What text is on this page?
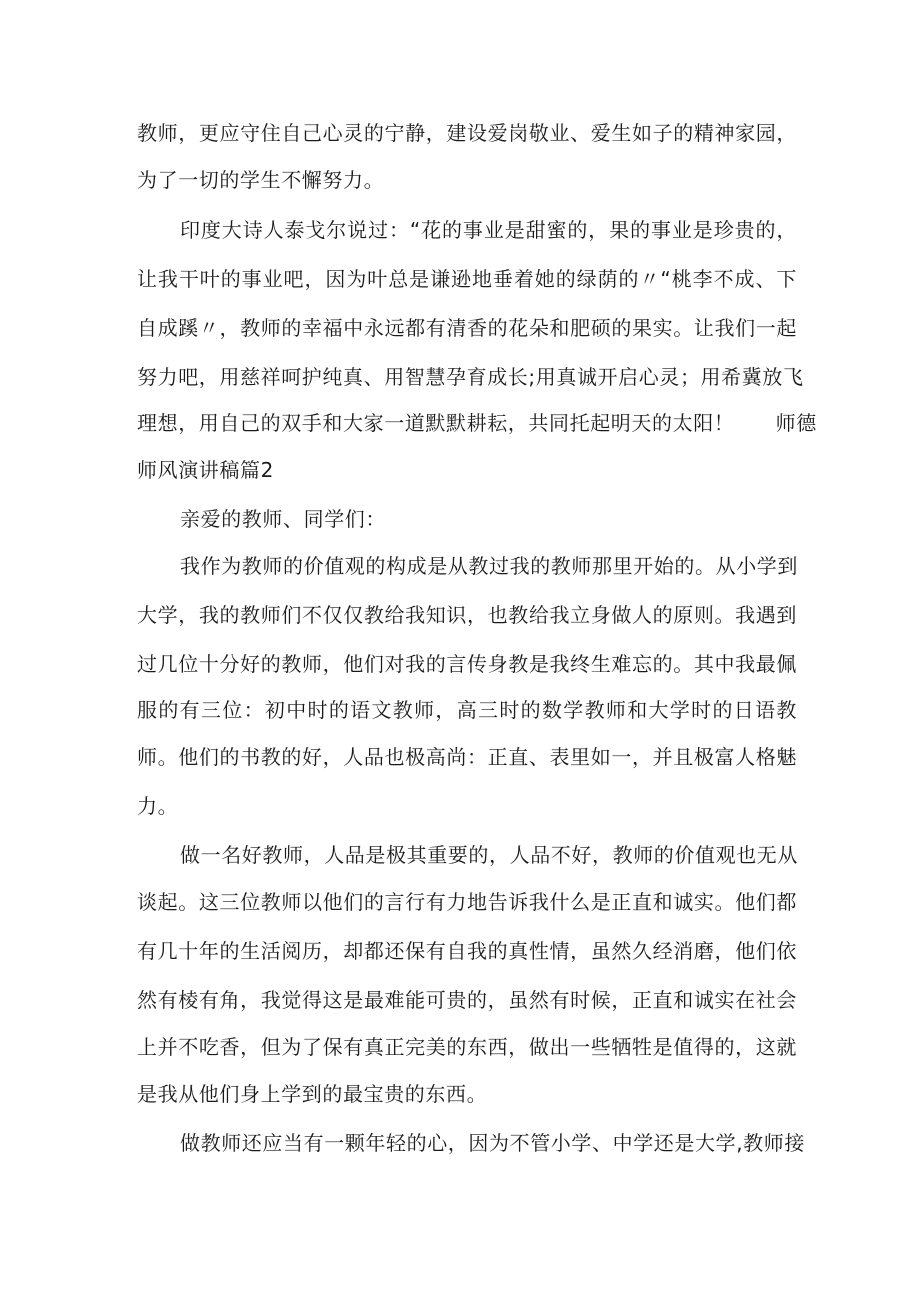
教师，更应守住自己心灵的宁静，建设爱岗敬业、爱生如子的精神家园，
为了一切的学生不懈努力。
印度大诗人泰戈尔说过：“花的事业是甜蜜的，果的事业是珍贵的，
让我干叶的事业吧，因为叶总是谦逊地垂着她的绿荫的〃“桃李不成、下
自成蹊〃，教师的幸福中永远都有清香的花朵和肥硕的果实。让我们一起
努力吧，用慈祥呵护纯真、用智慧孕育成长;用真诚开启心灵；用希冀放飞
理想，用自己的双手和大家一道默默耕耘，共同托起明天的太阳！　　师德
师风演讲稿篇2
亲爱的教师、同学们：
我作为教师的价值观的构成是从教过我的教师那里开始的。从小学到
大学，我的教师们不仅仅教给我知识，也教给我立身做人的原则。我遇到
过几位十分好的教师，他们对我的言传身教是我终生难忘的。其中我最佩
服的有三位：初中时的语文教师，高三时的数学教师和大学时的日语教
师。他们的书教的好，人品也极高尚：正直、表里如一，并且极富人格魅
力。
做一名好教师，人品是极其重要的，人品不好，教师的价值观也无从
谈起。这三位教师以他们的言行有力地告诉我什么是正直和诚实。他们都
有几十年的生活阅历，却都还保有自我的真性情，虽然久经消磨，他们依
然有棱有角，我觉得这是最难能可贵的，虽然有时候，正直和诚实在社会
上并不吃香，但为了保有真正完美的东西，做出一些牺牲是值得的，这就
是我从他们身上学到的最宝贵的东西。
做教师还应当有一颗年轻的心，因为不管小学、中学还是大学,教师接
